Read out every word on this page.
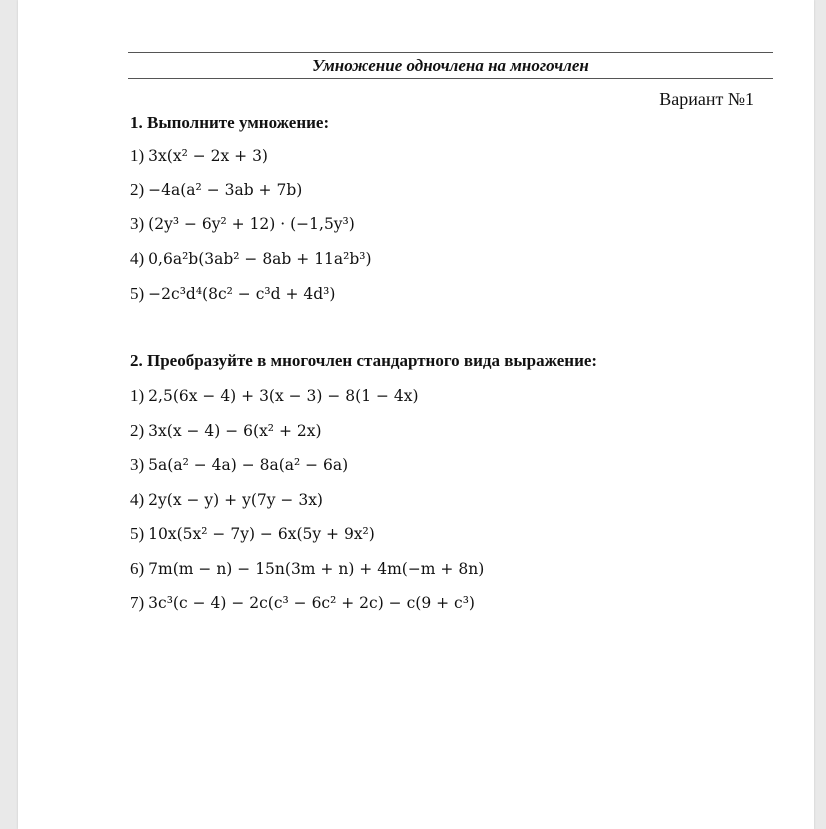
Умножение одночлена на многочлен
Вариант №1
1. Выполните умножение:
1) 3x(x² − 2x + 3)
2) −4a(a² − 3ab + 7b)
3) (2y³ − 6y² + 12) · (−1,5y³)
4) 0,6a²b(3ab² − 8ab + 11a²b³)
5) −2c³d⁴(8c² − c³d + 4d³)
2. Преобразуйте в многочлен стандартного вида выражение:
1) 2,5(6x − 4) + 3(x − 3) − 8(1 − 4x)
2) 3x(x − 4) − 6(x² + 2x)
3) 5a(a² − 4a) − 8a(a² − 6a)
4) 2y(x − y) + y(7y − 3x)
5) 10x(5x² − 7y) − 6x(5y + 9x²)
6) 7m(m − n) − 15n(3m + n) + 4m(−m + 8n)
7) 3c³(c − 4) − 2c(c³ − 6c² + 2c) − c(9 + c³)
